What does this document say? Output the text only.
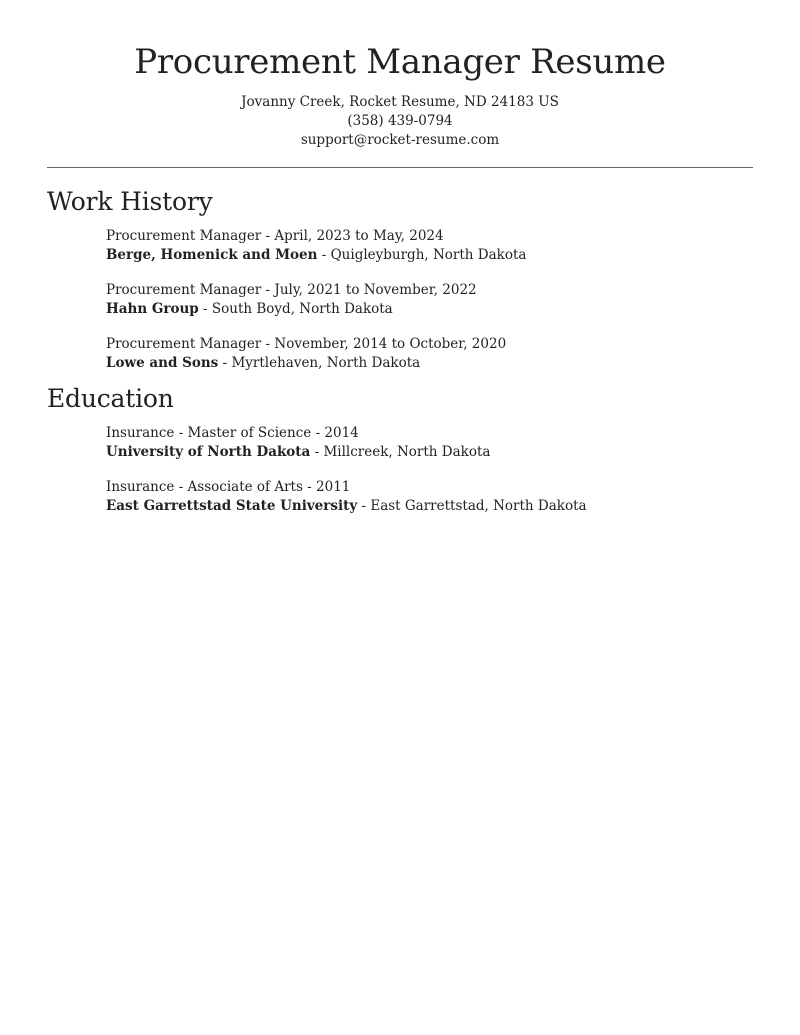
Procurement Manager Resume
Jovanny Creek, Rocket Resume, ND 24183 US
(358) 439-0794
support@rocket-resume.com
Work History
Procurement Manager - April, 2023 to May, 2024
Berge, Homenick and Moen - Quigleyburgh, North Dakota
Procurement Manager - July, 2021 to November, 2022
Hahn Group - South Boyd, North Dakota
Procurement Manager - November, 2014 to October, 2020
Lowe and Sons - Myrtlehaven, North Dakota
Education
Insurance - Master of Science - 2014
University of North Dakota - Millcreek, North Dakota
Insurance - Associate of Arts - 2011
East Garrettstad State University - East Garrettstad, North Dakota
